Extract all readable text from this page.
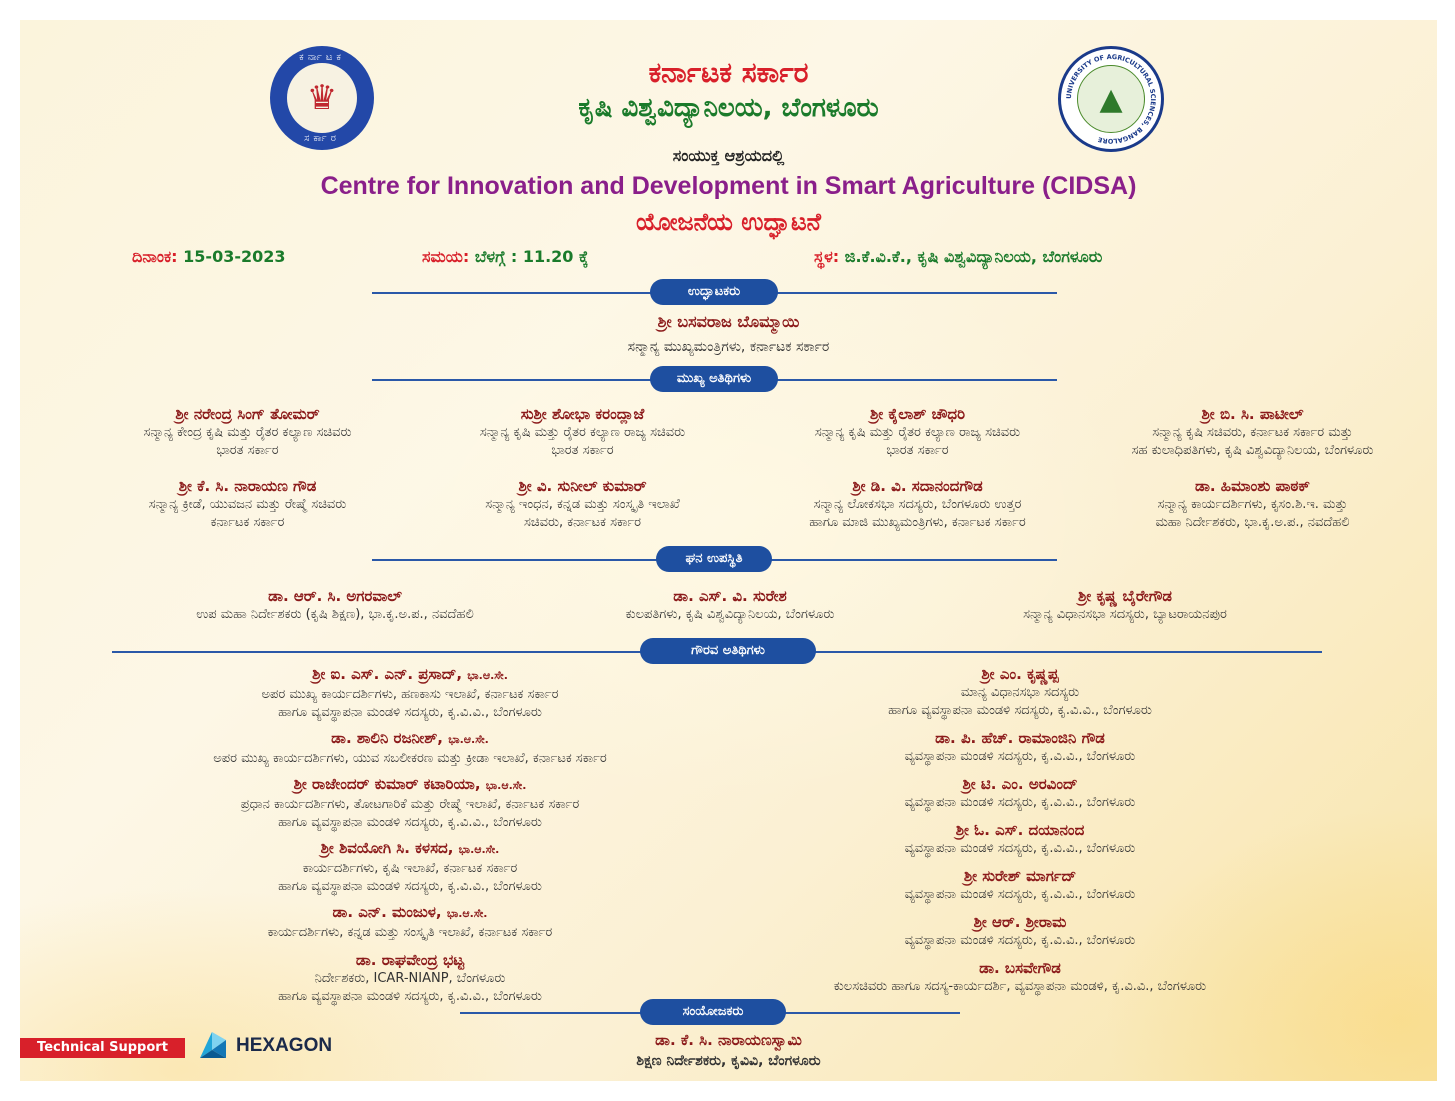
ಕರ್ನಾಟಕ
♛
ಸರ್ಕಾರ
UNIVERSITY OF AGRICULTURAL SCIENCES, BANGALORE
▲
ಕರ್ನಾಟಕ ಸರ್ಕಾರ
ಕೃಷಿ ವಿಶ್ವವಿದ್ಯಾನಿಲಯ, ಬೆಂಗಳೂರು
ಸಂಯುಕ್ತ ಆಶ್ರಯದಲ್ಲಿ
Centre for Innovation and Development in Smart Agriculture (CIDSA)
ಯೋಜನೆಯ ಉದ್ಘಾಟನೆ
ದಿನಾಂಕ: 15-03-2023	ಸಮಯ: ಬೆಳಗ್ಗೆ : 11.20 ಕ್ಕೆ	ಸ್ಥಳ: ಜಿ.ಕೆ.ವಿ.ಕೆ., ಕೃಷಿ ವಿಶ್ವವಿದ್ಯಾನಿಲಯ, ಬೆಂಗಳೂರು
ಉದ್ಘಾಟಕರು
ಶ್ರೀ ಬಸವರಾಜ ಬೊಮ್ಮಾಯಿ
ಸನ್ಮಾನ್ಯ ಮುಖ್ಯಮಂತ್ರಿಗಳು, ಕರ್ನಾಟಕ ಸರ್ಕಾರ
ಮುಖ್ಯ ಅತಿಥಿಗಳು
ಶ್ರೀ ನರೇಂದ್ರ ಸಿಂಗ್ ತೋಮರ್
ಸನ್ಮಾನ್ಯ ಕೇಂದ್ರ ಕೃಷಿ ಮತ್ತು ರೈತರ ಕಲ್ಯಾಣ ಸಚಿವರು
ಭಾರತ ಸರ್ಕಾರ
ಸುಶ್ರೀ ಶೋಭಾ ಕರಂದ್ಲಾಜೆ
ಸನ್ಮಾನ್ಯ ಕೃಷಿ ಮತ್ತು ರೈತರ ಕಲ್ಯಾಣ ರಾಜ್ಯ ಸಚಿವರು
ಭಾರತ ಸರ್ಕಾರ
ಶ್ರೀ ಕೈಲಾಶ್ ಚೌಧರಿ
ಸನ್ಮಾನ್ಯ ಕೃಷಿ ಮತ್ತು ರೈತರ ಕಲ್ಯಾಣ ರಾಜ್ಯ ಸಚಿವರು
ಭಾರತ ಸರ್ಕಾರ
ಶ್ರೀ ಬಿ. ಸಿ. ಪಾಟೀಲ್
ಸನ್ಮಾನ್ಯ ಕೃಷಿ ಸಚಿವರು, ಕರ್ನಾಟಕ ಸರ್ಕಾರ ಮತ್ತು
ಸಹ ಕುಲಾಧಿಪತಿಗಳು, ಕೃಷಿ ವಿಶ್ವವಿದ್ಯಾನಿಲಯ, ಬೆಂಗಳೂರು
ಶ್ರೀ ಕೆ. ಸಿ. ನಾರಾಯಣ ಗೌಡ
ಸನ್ಮಾನ್ಯ ಕ್ರೀಡೆ, ಯುವಜನ ಮತ್ತು ರೇಷ್ಮೆ ಸಚಿವರು
ಕರ್ನಾಟಕ ಸರ್ಕಾರ
ಶ್ರೀ ವಿ. ಸುನೀಲ್ ಕುಮಾರ್
ಸನ್ಮಾನ್ಯ ಇಂಧನ, ಕನ್ನಡ ಮತ್ತು ಸಂಸ್ಕೃತಿ ಇಲಾಖೆ
ಸಚಿವರು, ಕರ್ನಾಟಕ ಸರ್ಕಾರ
ಶ್ರೀ ಡಿ. ವಿ. ಸದಾನಂದಗೌಡ
ಸನ್ಮಾನ್ಯ ಲೋಕಸಭಾ ಸದಸ್ಯರು, ಬೆಂಗಳೂರು ಉತ್ತರ
ಹಾಗೂ ಮಾಜಿ ಮುಖ್ಯಮಂತ್ರಿಗಳು, ಕರ್ನಾಟಕ ಸರ್ಕಾರ
ಡಾ. ಹಿಮಾಂಶು ಪಾಠಕ್
ಸನ್ಮಾನ್ಯ ಕಾರ್ಯದರ್ಶಿಗಳು, ಕೃಸಂ.ಶಿ.ಇ. ಮತ್ತು
ಮಹಾ ನಿರ್ದೇಶಕರು, ಭಾ.ಕೃ.ಅ.ಪ., ನವದೆಹಲಿ
ಘನ ಉಪಸ್ಥಿತಿ
ಡಾ. ಆರ್. ಸಿ. ಅಗರವಾಲ್
ಉಪ ಮಹಾ ನಿರ್ದೇಶಕರು (ಕೃಷಿ ಶಿಕ್ಷಣ), ಭಾ.ಕೃ.ಅ.ಪ., ನವದೆಹಲಿ
ಡಾ. ಎಸ್. ವಿ. ಸುರೇಶ
ಕುಲಪತಿಗಳು, ಕೃಷಿ ವಿಶ್ವವಿದ್ಯಾನಿಲಯ, ಬೆಂಗಳೂರು
ಶ್ರೀ ಕೃಷ್ಣ ಬೈರೇಗೌಡ
ಸನ್ಮಾನ್ಯ ವಿಧಾನಸಭಾ ಸದಸ್ಯರು, ಬ್ಯಾಟರಾಯನಪುರ
ಗೌರವ ಅತಿಥಿಗಳು
ಶ್ರೀ ಐ. ಎಸ್. ಎನ್. ಪ್ರಸಾದ್, ಭಾ.ಆ.ಸೇ.
ಅಪರ ಮುಖ್ಯ ಕಾರ್ಯದರ್ಶಿಗಳು, ಹಣಕಾಸು ಇಲಾಖೆ, ಕರ್ನಾಟಕ ಸರ್ಕಾರ
ಹಾಗೂ ವ್ಯವಸ್ಥಾಪನಾ ಮಂಡಳಿ ಸದಸ್ಯರು, ಕೃ.ವಿ.ವಿ., ಬೆಂಗಳೂರು
ಡಾ. ಶಾಲಿನಿ ರಜನೀಶ್, ಭಾ.ಆ.ಸೇ.
ಅಪರ ಮುಖ್ಯ ಕಾರ್ಯದರ್ಶಿಗಳು, ಯುವ ಸಬಲೀಕರಣ ಮತ್ತು ಕ್ರೀಡಾ ಇಲಾಖೆ, ಕರ್ನಾಟಕ ಸರ್ಕಾರ
ಶ್ರೀ ರಾಜೇಂದರ್ ಕುಮಾರ್ ಕಟಾರಿಯಾ, ಭಾ.ಆ.ಸೇ.
ಪ್ರಧಾನ ಕಾರ್ಯದರ್ಶಿಗಳು, ತೋಟಗಾರಿಕೆ ಮತ್ತು ರೇಷ್ಮೆ ಇಲಾಖೆ, ಕರ್ನಾಟಕ ಸರ್ಕಾರ
ಹಾಗೂ ವ್ಯವಸ್ಥಾಪನಾ ಮಂಡಳಿ ಸದಸ್ಯರು, ಕೃ.ವಿ.ವಿ., ಬೆಂಗಳೂರು
ಶ್ರೀ ಶಿವಯೋಗಿ ಸಿ. ಕಳಸದ, ಭಾ.ಆ.ಸೇ.
ಕಾರ್ಯದರ್ಶಿಗಳು, ಕೃಷಿ ಇಲಾಖೆ, ಕರ್ನಾಟಕ ಸರ್ಕಾರ
ಹಾಗೂ ವ್ಯವಸ್ಥಾಪನಾ ಮಂಡಳಿ ಸದಸ್ಯರು, ಕೃ.ವಿ.ವಿ., ಬೆಂಗಳೂರು
ಡಾ. ಎನ್. ಮಂಜುಳ, ಭಾ.ಆ.ಸೇ.
ಕಾರ್ಯದರ್ಶಿಗಳು, ಕನ್ನಡ ಮತ್ತು ಸಂಸ್ಕೃತಿ ಇಲಾಖೆ, ಕರ್ನಾಟಕ ಸರ್ಕಾರ
ಡಾ. ರಾಘವೇಂದ್ರ ಭಟ್ಟ
ನಿರ್ದೇಶಕರು, ICAR-NIANP, ಬೆಂಗಳೂರು
ಹಾಗೂ ವ್ಯವಸ್ಥಾಪನಾ ಮಂಡಳಿ ಸದಸ್ಯರು, ಕೃ.ವಿ.ವಿ., ಬೆಂಗಳೂರು
ಶ್ರೀ ಎಂ. ಕೃಷ್ಣಪ್ಪ
ಮಾನ್ಯ ವಿಧಾನಸಭಾ ಸದಸ್ಯರು
ಹಾಗೂ ವ್ಯವಸ್ಥಾಪನಾ ಮಂಡಳಿ ಸದಸ್ಯರು, ಕೃ.ವಿ.ವಿ., ಬೆಂಗಳೂರು
ಡಾ. ಪಿ. ಹೆಚ್. ರಾಮಾಂಜಿನಿ ಗೌಡ
ವ್ಯವಸ್ಥಾಪನಾ ಮಂಡಳಿ ಸದಸ್ಯರು, ಕೃ.ವಿ.ವಿ., ಬೆಂಗಳೂರು
ಶ್ರೀ ಟಿ. ಎಂ. ಅರವಿಂದ್
ವ್ಯವಸ್ಥಾಪನಾ ಮಂಡಳಿ ಸದಸ್ಯರು, ಕೃ.ವಿ.ವಿ., ಬೆಂಗಳೂರು
ಶ್ರೀ ಓ. ಎಸ್. ದಯಾನಂದ
ವ್ಯವಸ್ಥಾಪನಾ ಮಂಡಳಿ ಸದಸ್ಯರು, ಕೃ.ವಿ.ವಿ., ಬೆಂಗಳೂರು
ಶ್ರೀ ಸುರೇಶ್ ಮಾರ್ಗದ್
ವ್ಯವಸ್ಥಾಪನಾ ಮಂಡಳಿ ಸದಸ್ಯರು, ಕೃ.ವಿ.ವಿ., ಬೆಂಗಳೂರು
ಶ್ರೀ ಆರ್. ಶ್ರೀರಾಮ
ವ್ಯವಸ್ಥಾಪನಾ ಮಂಡಳಿ ಸದಸ್ಯರು, ಕೃ.ವಿ.ವಿ., ಬೆಂಗಳೂರು
ಡಾ. ಬಸವೇಗೌಡ
ಕುಲಸಚಿವರು ಹಾಗೂ ಸದಸ್ಯ-ಕಾರ್ಯದರ್ಶಿ, ವ್ಯವಸ್ಥಾಪನಾ ಮಂಡಳಿ, ಕೃ.ವಿ.ವಿ., ಬೆಂಗಳೂರು
ಸಂಯೋಜಕರು
ಡಾ. ಕೆ. ಸಿ. ನಾರಾಯಣಸ್ವಾಮಿ
ಶಿಕ್ಷಣ ನಿರ್ದೇಶಕರು, ಕೃವಿವಿ, ಬೆಂಗಳೂರು
Technical Support	HEXAGON
